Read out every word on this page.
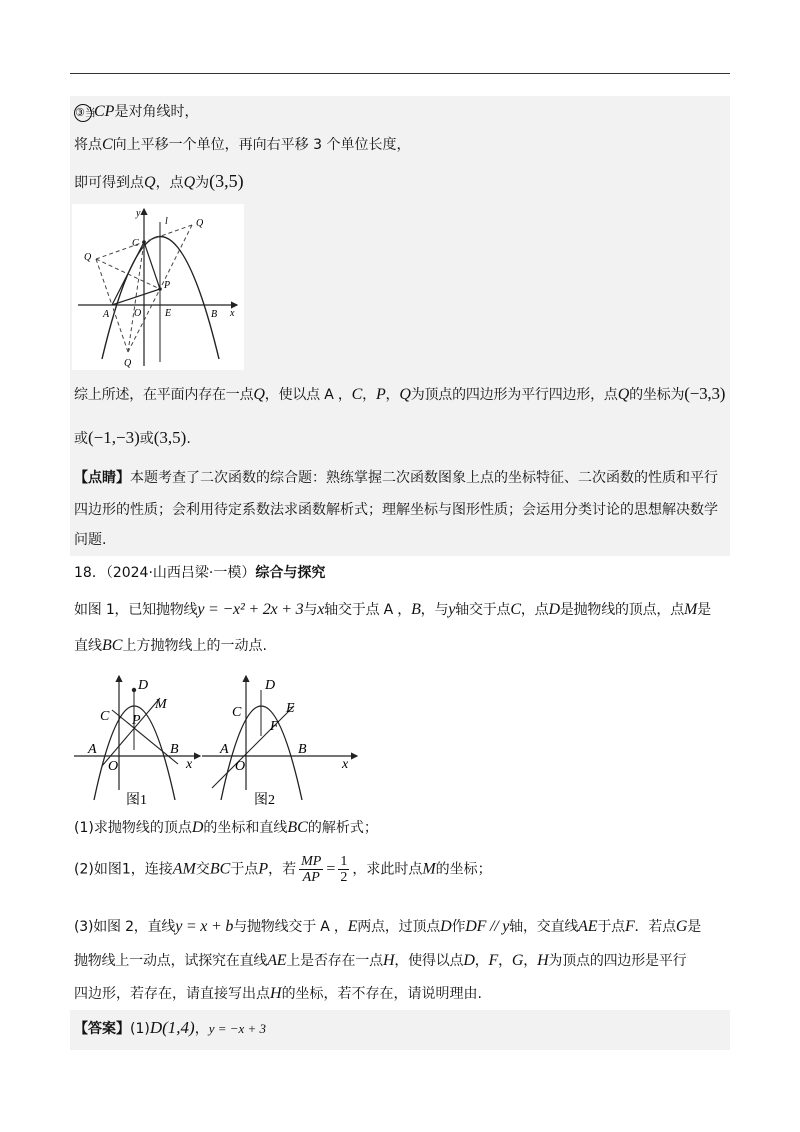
③当CP是对角线时，
将点C向上平移一个单位，再向右平移 3 个单位长度，
即可得到点Q，点Q为(3,5)
y
l	Q
C
Q
P
A O E	B x
Q
综上所述，在平面内存在一点Q，使以点 A ，C，P，Q为顶点的四边形为平行四边形，点Q的坐标为(−3,3)
或(−1,−3)或(3,5).
【点睛】本题考查了二次函数的综合题：熟练掌握二次函数图象上点的坐标特征、二次函数的性质和平行
四边形的性质；会利用待定系数法求函数解析式；理解坐标与图形性质；会运用分类讨论的思想解决数学
问题.
18．（2024·山西吕梁·一模）综合与探究
如图 1，已知抛物线y = −x² + 2x + 3与x轴交于点 A ，B，与y轴交于点C，点D是抛物线的顶点，点M是
直线BC上方抛物线上的一动点.
D
C P
M
A	B
O	x
图1
D
C	E
F
A	B
O	x
图2
(1)求抛物线的顶点D的坐标和直线BC的解析式；
(2)如图1，连接AM交BC于点P，若 $\frac{MP}{AP} = \frac{1}{2}$ ，求此时点M的坐标；
(3)如图 2，直线y = x + b与抛物线交于 A ，E两点，过顶点D作DF // y轴，交直线AE于点F．若点G是
抛物线上一动点，试探究在直线AE上是否存在一点H，使得以点D，F，G，H为顶点的四边形是平行
四边形，若存在，请直接写出点H的坐标，若不存在，请说明理由.
【答案】(1)D(1,4)，y = −x + 3
